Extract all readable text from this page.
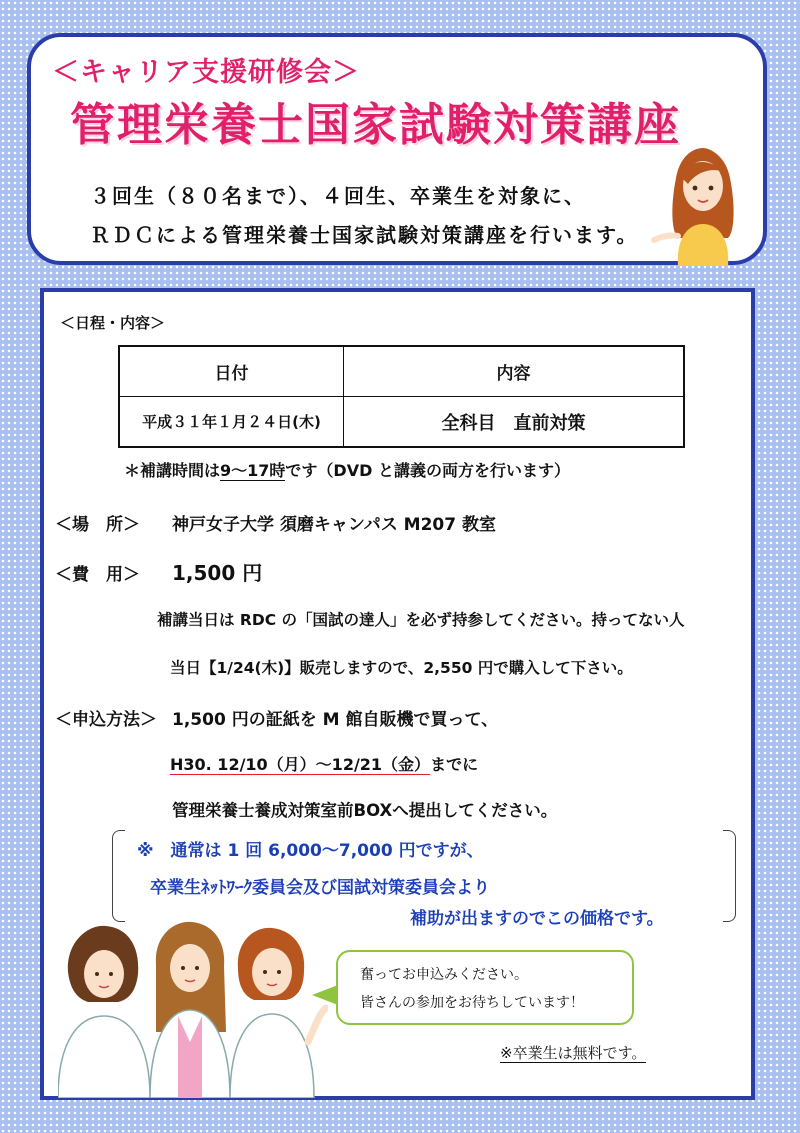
＜キャリア支援研修会＞
管理栄養士国家試験対策講座
３回生（８０名まで）、４回生、卒業生を対象に、
ＲＤＣによる管理栄養士国家試験対策講座を行います。
＜日程・内容＞
日付	内容
平成３１年１月２４日(木)	全科目　直前対策
＊補講時間は9～17時です（DVD と講義の両方を行います）
＜場　所＞ 神戸女子大学 須磨キャンパス M207 教室
＜費　用＞ 1,500 円
補講当日は RDC の「国試の達人」を必ず持参してください。持ってない人
当日【1/24(木)】販売しますので、2,550 円で購入して下さい。
＜申込方法＞ 1,500 円の証紙を M 館自販機で買って、
H30. 12/10（月）～12/21（金）までに
管理栄養士養成対策室前BOXへ提出してください。
※　通常は 1 回 6,000～7,000 円ですが、
卒業生ﾈｯﾄﾜｰｸ委員会及び国試対策委員会より
補助が出ますのでこの価格です。
奮ってお申込みください。
皆さんの参加をお待ちしています！
※卒業生は無料です。
